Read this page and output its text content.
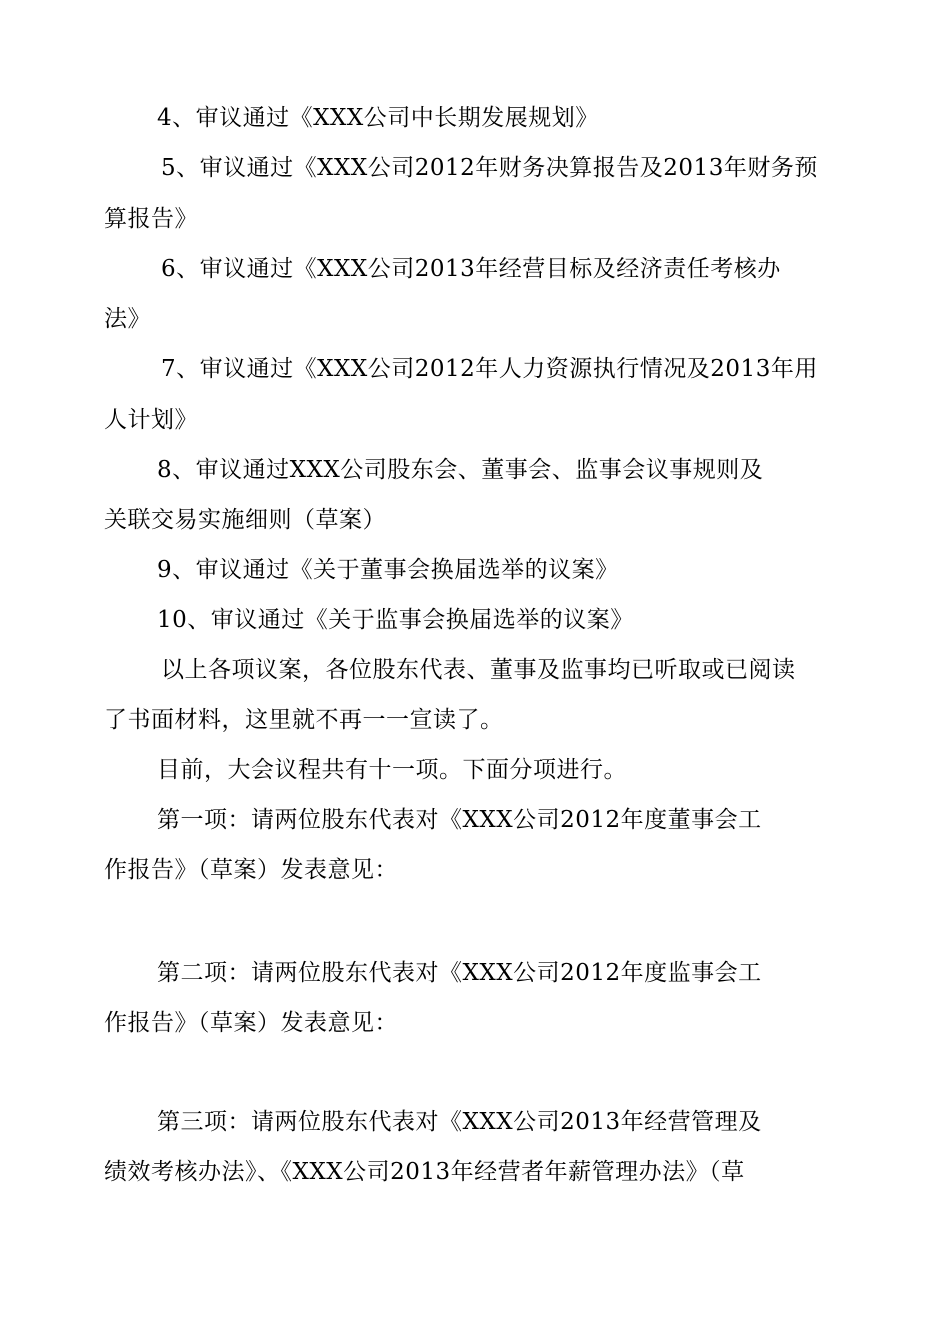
4、审议通过《XXX公司中长期发展规划》
5、审议通过《XXX公司2012年财务决算报告及2013年财务预
算报告》
6、审议通过《XXX公司2013年经营目标及经济责任考核办
法》
7、审议通过《XXX公司2012年人力资源执行情况及2013年用
人计划》
8、审议通过XXX公司股东会、董事会、监事会议事规则及
关联交易实施细则（草案）
9、审议通过《关于董事会换届选举的议案》
10、审议通过《关于监事会换届选举的议案》
以上各项议案，各位股东代表、董事及监事均已听取或已阅读
了书面材料，这里就不再一一宣读了。
目前，大会议程共有十一项。下面分项进行。
第一项：请两位股东代表对《XXX公司2012年度董事会工
作报告》（草案）发表意见：
第二项：请两位股东代表对《XXX公司2012年度监事会工
作报告》（草案）发表意见：
第三项：请两位股东代表对《XXX公司2013年经营管理及
绩效考核办法》、《XXX公司2013年经营者年薪管理办法》（草
